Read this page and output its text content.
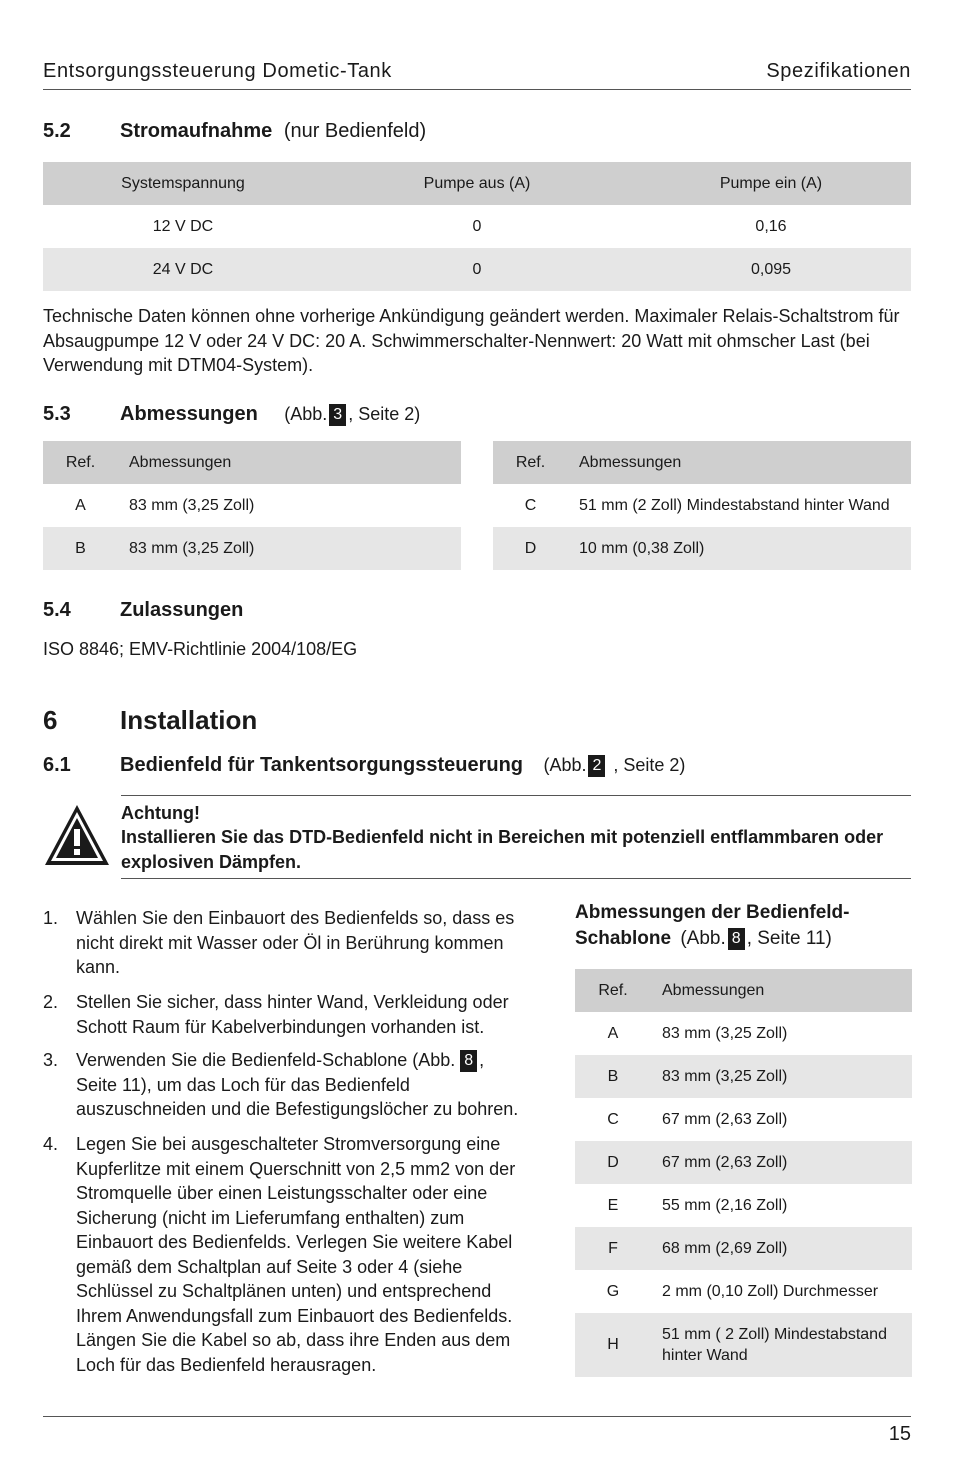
Entsorgungssteuerung Dometic-Tank	Spezifikationen
5.2 Stromaufnahme (nur Bedienfeld)
Systemspannung	Pumpe aus (A)	Pumpe ein (A)
12 V DC	0	0,16
24 V DC	0	0,095
Technische Daten können ohne vorherige Ankündigung geändert werden. Maximaler Relais-Schaltstrom für Absaugpumpe 12 V oder 24 V DC: 20 A. Schwimmerschalter-Nennwert: 20 Watt mit ohmscher Last (bei Verwendung mit DTM04-System).
5.3 Abmessungen (Abb. 3 , Seite 2)
Ref.	Abmessungen
A	83 mm (3,25 Zoll)
B	83 mm (3,25 Zoll)
Ref.	Abmessungen
C	51 mm (2 Zoll) Mindestabstand hinter Wand
D	10 mm (0,38 Zoll)
5.4 Zulassungen
ISO 8846; EMV-Richtlinie 2004/108/EG
6 Installation
6.1 Bedienfeld für Tankentsorgungssteuerung (Abb. 2 , Seite 2)
Achtung!
Installieren Sie das DTD-Bedienfeld nicht in Bereichen mit potenziell entflammbaren oder explosiven Dämpfen.
1. Wählen Sie den Einbauort des Bedienfelds so, dass es nicht direkt mit Wasser oder Öl in Berührung kommen kann.
2. Stellen Sie sicher, dass hinter Wand, Verkleidung oder Schott Raum für Kabelverbindungen vorhanden ist.
3. Verwenden Sie die Bedienfeld-Schablone (Abb. 8 , Seite 11), um das Loch für das Bedienfeld auszuschneiden und die Befestigungslöcher zu bohren.
4. Legen Sie bei ausgeschalteter Stromversorgung eine Kupferlitze mit einem Querschnitt von 2,5 mm2 von der Stromquelle über einen Leistungsschalter oder eine Sicherung (nicht im Lieferumfang enthalten) zum Einbauort des Bedienfelds. Verlegen Sie weitere Kabel gemäß dem Schaltplan auf Seite 3 oder 4 (siehe Schlüssel zu Schaltplänen unten) und entsprechend Ihrem Anwendungsfall zum Einbauort des Bedienfelds. Längen Sie die Kabel so ab, dass ihre Enden aus dem Loch für das Bedienfeld herausragen.
Abmessungen der Bedienfeld-Schablone (Abb. 8 , Seite 11)
Ref.	Abmessungen
A	83 mm (3,25 Zoll)
B	83 mm (3,25 Zoll)
C	67 mm (2,63 Zoll)
D	67 mm (2,63 Zoll)
E	55 mm (2,16 Zoll)
F	68 mm (2,69 Zoll)
G	2 mm (0,10 Zoll) Durchmesser
H	51 mm ( 2 Zoll) Mindestabstand hinter Wand
15
